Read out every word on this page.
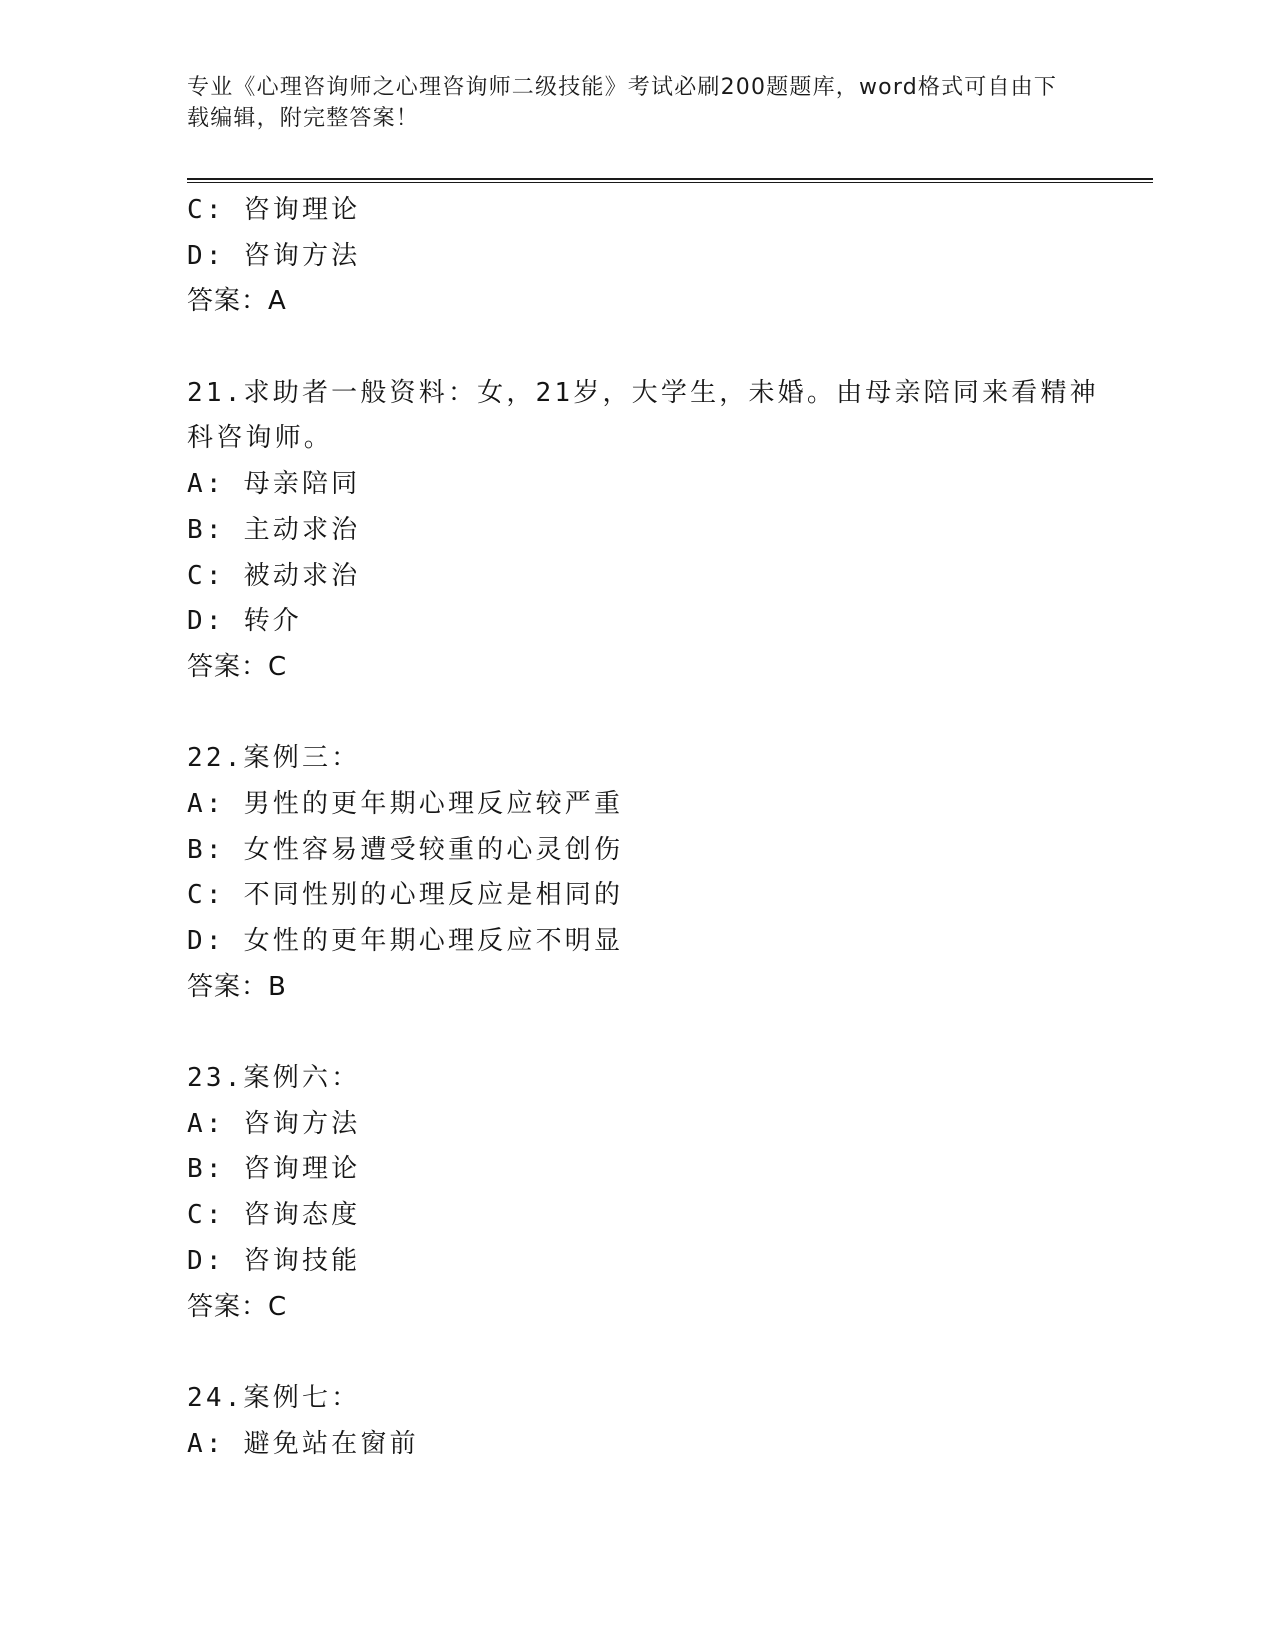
专业《心理咨询师之心理咨询师二级技能》考试必刷200题题库，word格式可自由下载编辑，附完整答案！
C: 咨询理论
D: 咨询方法
答案：A
21.求助者一般资料：女，21岁，大学生，未婚。由母亲陪同来看精神
科咨询师。
A: 母亲陪同
B: 主动求治
C: 被动求治
D: 转介
答案：C
22.案例三：
A: 男性的更年期心理反应较严重
B: 女性容易遭受较重的心灵创伤
C: 不同性别的心理反应是相同的
D: 女性的更年期心理反应不明显
答案：B
23.案例六：
A: 咨询方法
B: 咨询理论
C: 咨询态度
D: 咨询技能
答案：C
24.案例七：
A: 避免站在窗前
